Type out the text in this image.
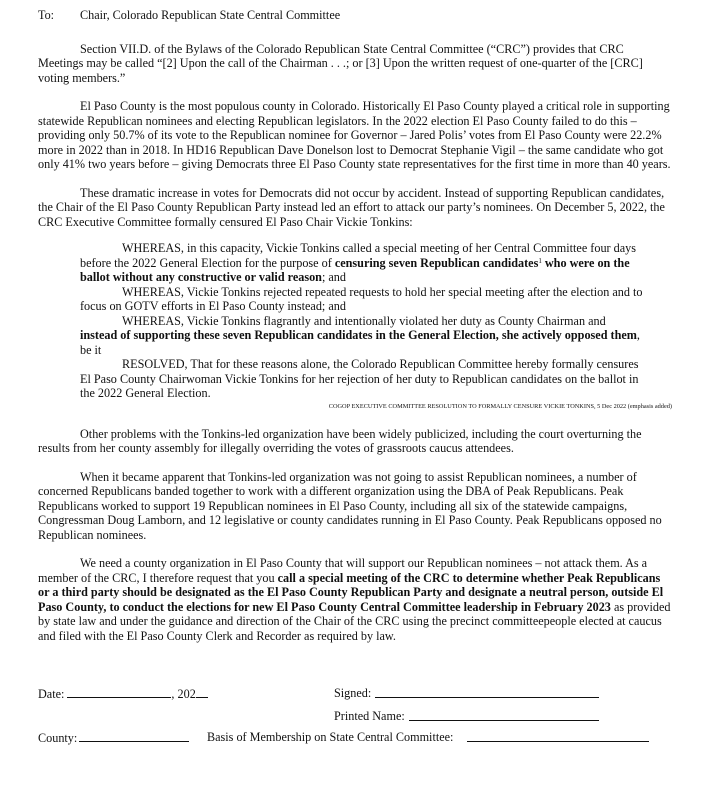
To: Chair, Colorado Republican State Central Committee

Section VII.D. of the Bylaws of the Colorado Republican State Central Committee (“CRC”) provides that CRC Meetings may be called “[2] Upon the call of the Chairman . . .; or [3] Upon the written request of one-quarter of the [CRC] voting members.”

El Paso County is the most populous county in Colorado. Historically El Paso County played a critical role in supporting statewide Republican nominees and electing Republican legislators. In the 2022 election El Paso County failed to do this – providing only 50.7% of its vote to the Republican nominee for Governor – Jared Polis’ votes from El Paso County were 22.2% more in 2022 than in 2018. In HD16 Republican Dave Donelson lost to Democrat Stephanie Vigil – the same candidate who got only 41% two years before – giving Democrats three El Paso County state representatives for the first time in more than 40 years.

These dramatic increase in votes for Democrats did not occur by accident. Instead of supporting Republican candidates, the Chair of the El Paso County Republican Party instead led an effort to attack our party’s nominees. On December 5, 2022, the CRC Executive Committee formally censured El Paso Chair Vickie Tonkins:

WHEREAS, in this capacity, Vickie Tonkins called a special meeting of her Central Committee four days before the 2022 General Election for the purpose of censuring seven Republican candidates$^1$ who were on the ballot without any constructive or valid reason; and

WHEREAS, Vickie Tonkins rejected repeated requests to hold her special meeting after the election and to focus on GOTV efforts in El Paso County instead; and

WHEREAS, Vickie Tonkins flagrantly and intentionally violated her duty as County Chairman and instead of supporting these seven Republican candidates in the General Election, she actively opposed them, be it

RESOLVED, That for these reasons alone, the Colorado Republican Committee hereby formally censures El Paso County Chairwoman Vickie Tonkins for her rejection of her duty to Republican candidates on the ballot in the 2022 General Election.

COGOP EXECUTIVE COMMITTEE RESOLUTION TO FORMALLY CENSURE VICKIE TONKINS, 5 Dec 2022 (emphasis added)

Other problems with the Tonkins-led organization have been widely publicized, including the court overturning the results from her county assembly for illegally overriding the votes of grassroots caucus attendees.

When it became apparent that Tonkins-led organization was not going to assist Republican nominees, a number of concerned Republicans banded together to work with a different organization using the DBA of Peak Republicans. Peak Republicans worked to support 19 Republican nominees in El Paso County, including all six of the statewide campaigns, Congressman Doug Lamborn, and 12 legislative or county candidates running in El Paso County. Peak Republicans opposed no Republican nominees.

We need a county organization in El Paso County that will support our Republican nominees – not attack them. As a member of the CRC, I therefore request that you call a special meeting of the CRC to determine whether Peak Republicans or a third party should be designated as the El Paso County Republican Party and designate a neutral person, outside El Paso County, to conduct the elections for new El Paso County Central Committee leadership in February 2023 as provided by state law and under the guidance and direction of the Chair of the CRC using the precinct committeepeople elected at caucus and filed with the El Paso County Clerk and Recorder as required by law.

Date:	, 202	Signed:
Printed Name:
County:	Basis of Membership on State Central Committee:
